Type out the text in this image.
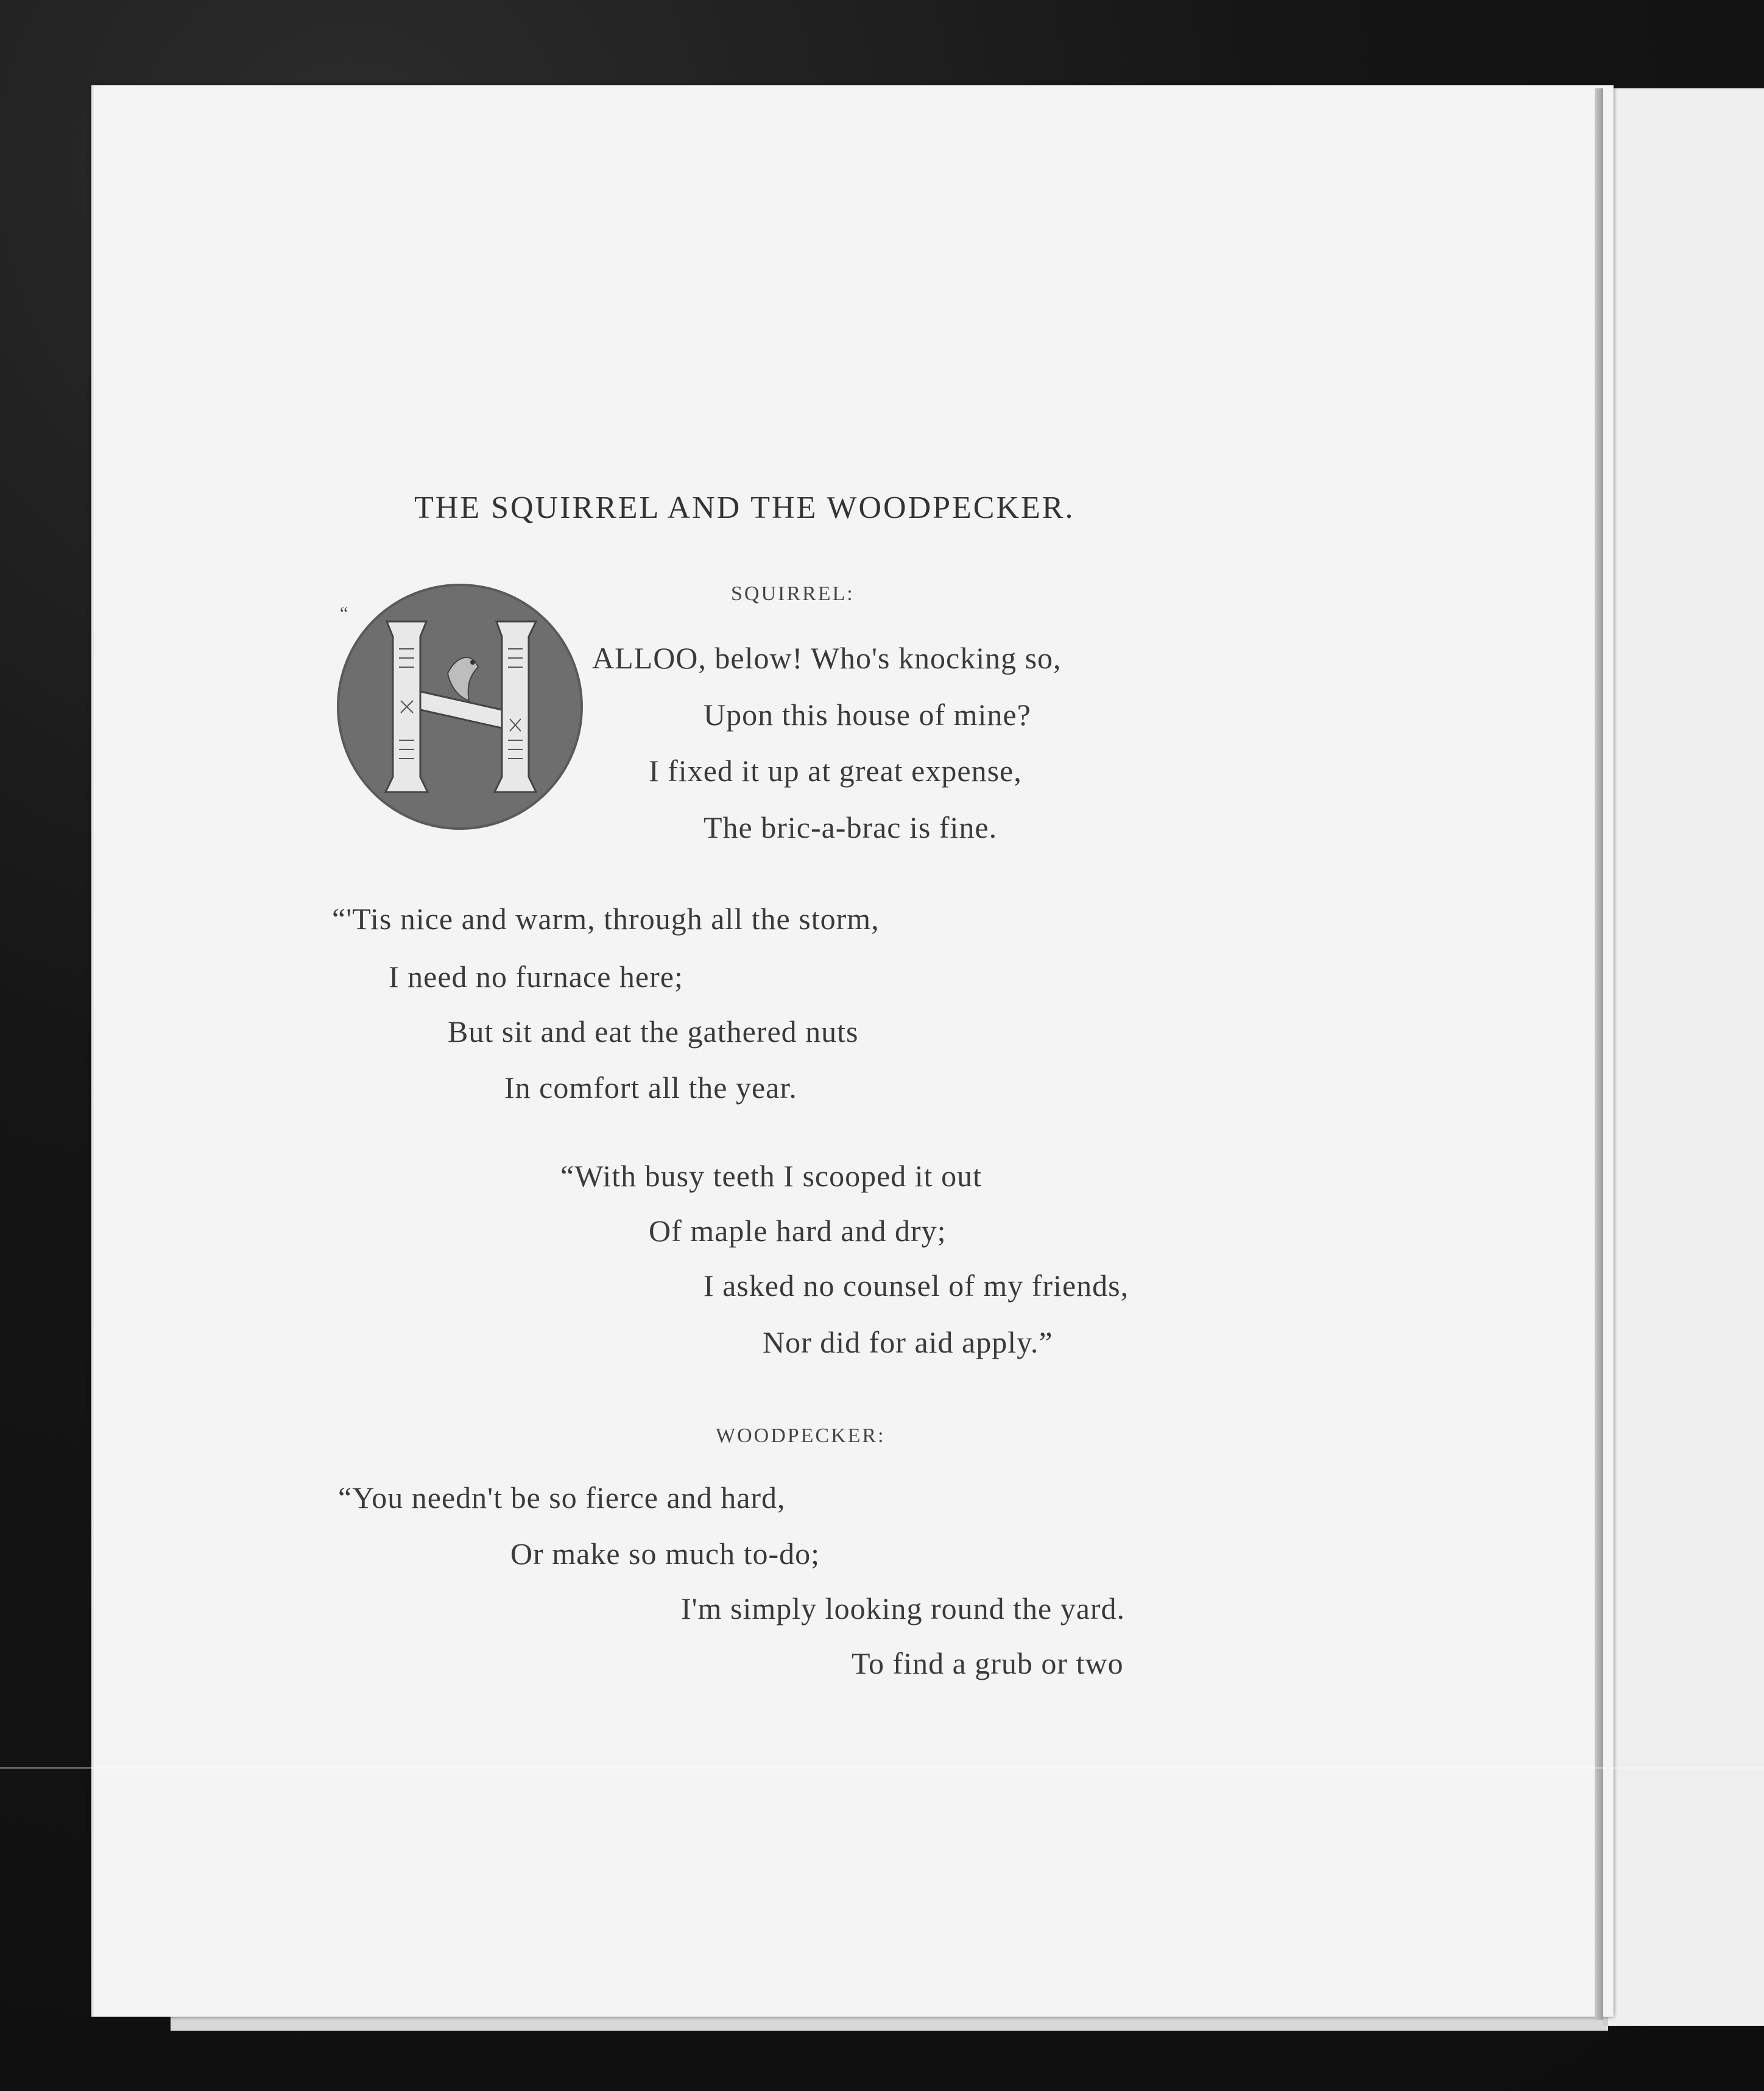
THE SQUIRREL AND THE WOODPECKER.
SQUIRREL:
“
ALLOO, below! Who's knocking so,
Upon this house of mine?
I fixed it up at great expense,
The bric-a-brac is fine.
“'Tis nice and warm, through all the storm,
I need no furnace here;
But sit and eat the gathered nuts
In comfort all the year.
“With busy teeth I scooped it out
Of maple hard and dry;
I asked no counsel of my friends,
Nor did for aid apply.”
WOODPECKER:
“You needn't be so fierce and hard,
Or make so much to-do;
I'm simply looking round the yard.
To find a grub or two
